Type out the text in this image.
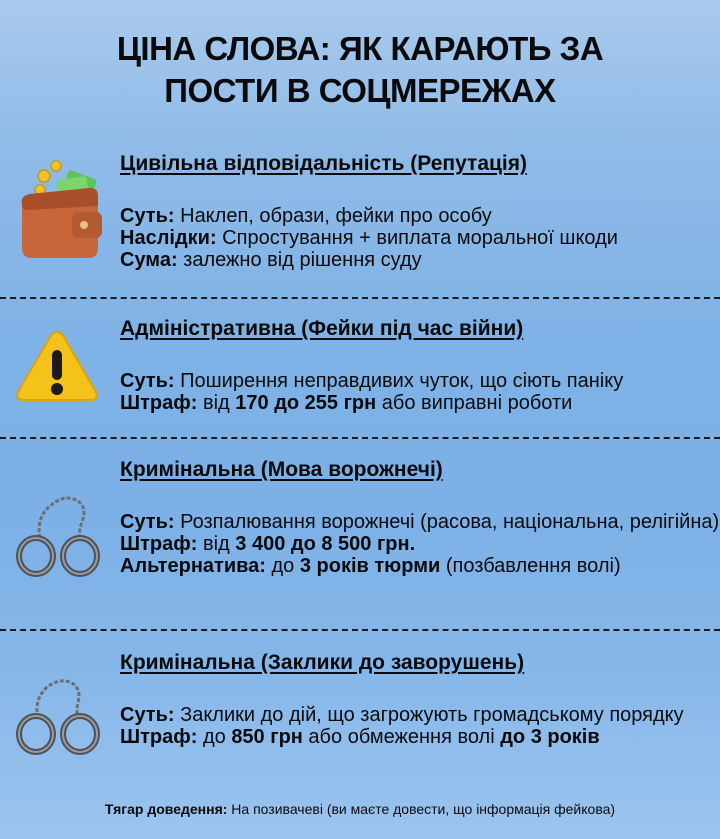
ЦІНА СЛОВА: ЯК КАРАЮТЬ ЗА
ПОСТИ В СОЦМЕРЕЖАХ
Цивільна відповідальність (Репутація)
Суть: Наклеп, образи, фейки про особу
Наслідки: Спростування + виплата моральної шкоди
Сума: залежно від рішення суду
Адміністративна (Фейки під час війни)
Суть: Поширення неправдивих чуток, що сіють паніку
Штраф: від 170 до 255 грн або виправні роботи
Кримінальна (Мова ворожнечі)
Суть: Розпалювання ворожнечі (расова, національна, релігійна)
Штраф: від 3 400 до 8 500 грн.
Альтернатива: до 3 років тюрми (позбавлення волі)
Кримінальна (Заклики до заворушень)
Суть: Заклики до дій, що загрожують громадському порядку
Штраф: до 850 грн або обмеження волі до 3 років
Тягар доведення: На позивачеві (ви маєте довести, що інформація фейкова)
